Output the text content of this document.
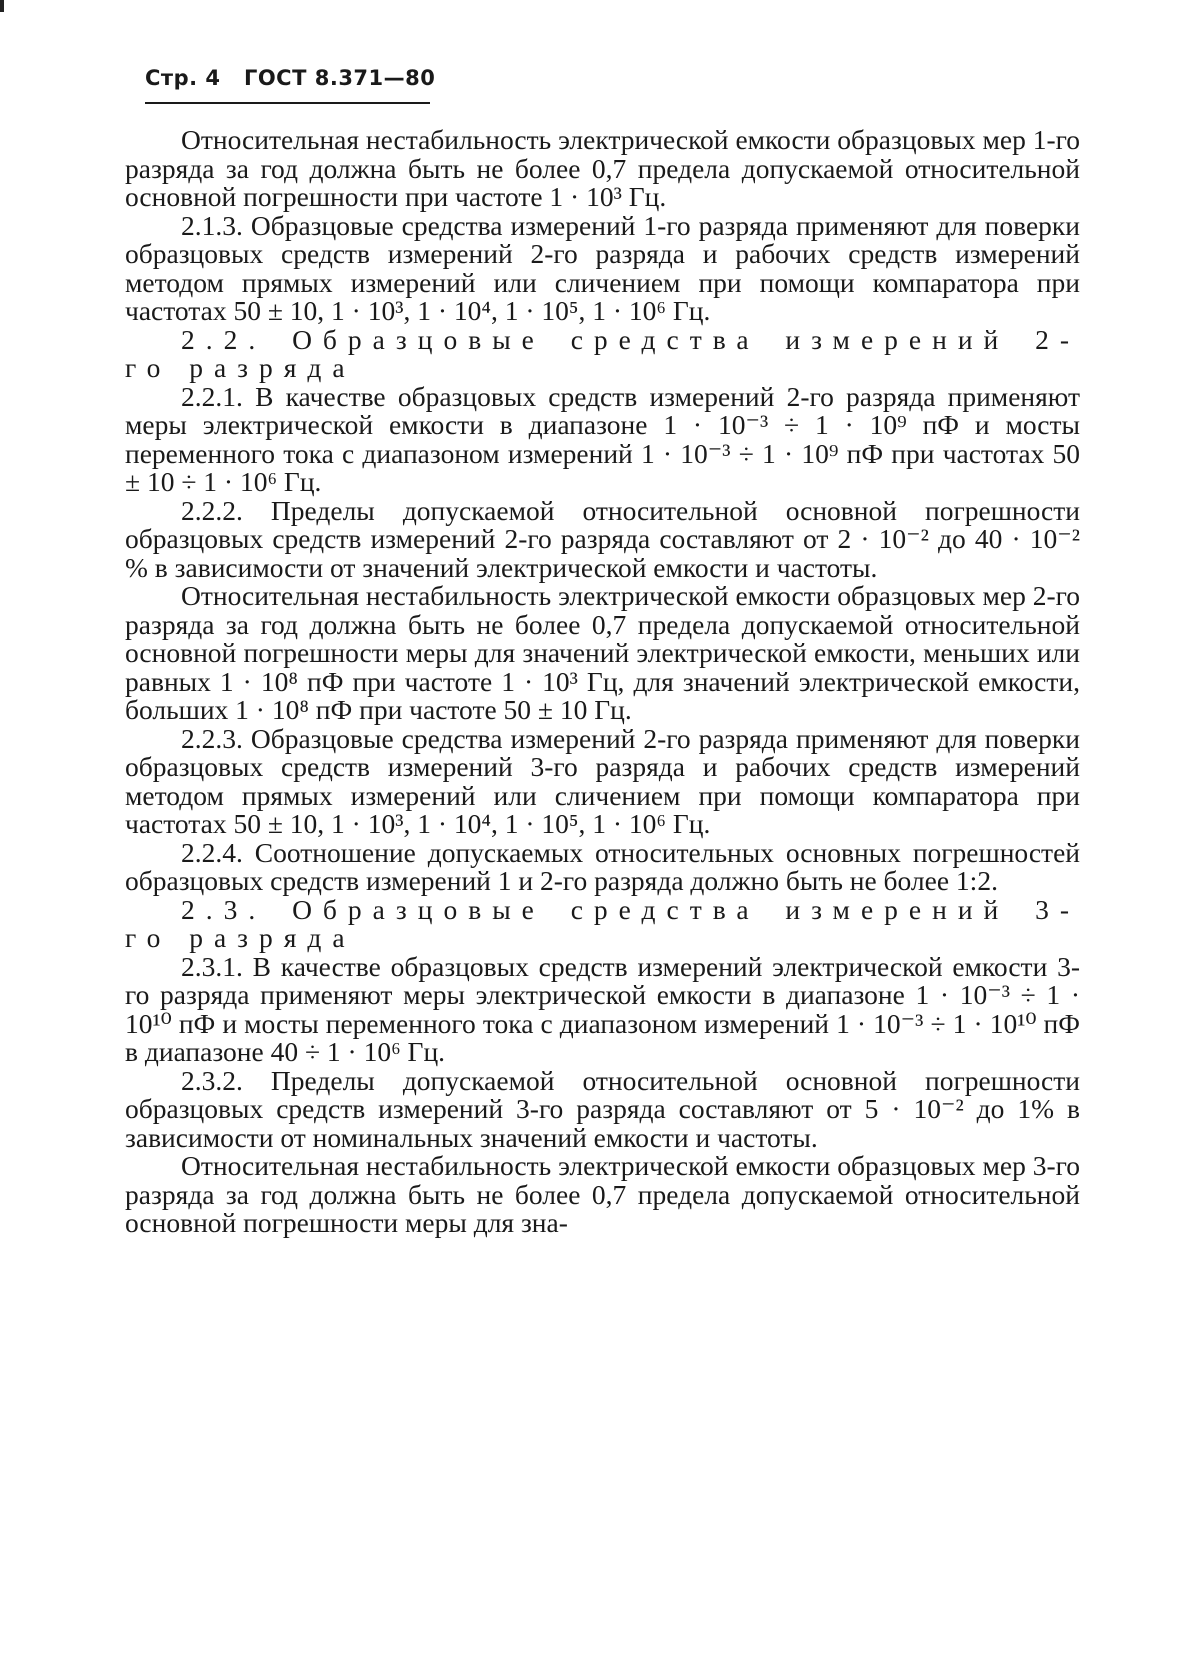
Стр. 4 ГОСТ 8.371—80

Относительная нестабильность электрической емкости образцовых мер 1-го разряда за год должна быть не более 0,7 предела допускаемой относительной основной погрешности при частоте 1 · 10³ Гц.

2.1.3. Образцовые средства измерений 1-го разряда применяют для поверки образцовых средств измерений 2-го разряда и рабочих средств измерений методом прямых измерений или сличением при помощи компаратора при частотах 50 ± 10, 1 · 10³, 1 · 10⁴, 1 · 10⁵, 1 · 10⁶ Гц.

2.2. Образцовые средства измерений 2-го разряда

2.2.1. В качестве образцовых средств измерений 2-го разряда применяют меры электрической емкости в диапазоне 1 · 10⁻³ ÷ 1 · 10⁹ пФ и мосты переменного тока с диапазоном измерений 1 · 10⁻³ ÷ 1 · 10⁹ пФ при частотах 50 ± 10 ÷ 1 · 10⁶ Гц.

2.2.2. Пределы допускаемой относительной основной погрешности образцовых средств измерений 2-го разряда составляют от 2 · 10⁻² до 40 · 10⁻² % в зависимости от значений электрической емкости и частоты.

Относительная нестабильность электрической емкости образцовых мер 2-го разряда за год должна быть не более 0,7 предела допускаемой относительной основной погрешности меры для значений электрической емкости, меньших или равных 1 · 10⁸ пФ при частоте 1 · 10³ Гц, для значений электрической емкости, больших 1 · 10⁸ пФ при частоте 50 ± 10 Гц.

2.2.3. Образцовые средства измерений 2-го разряда применяют для поверки образцовых средств измерений 3-го разряда и рабочих средств измерений методом прямых измерений или сличением при помощи компаратора при частотах 50 ± 10, 1 · 10³, 1 · 10⁴, 1 · 10⁵, 1 · 10⁶ Гц.

2.2.4. Соотношение допускаемых относительных основных погрешностей образцовых средств измерений 1 и 2-го разряда должно быть не более 1:2.

2.3. Образцовые средства измерений 3-го разряда

2.3.1. В качестве образцовых средств измерений электрической емкости 3-го разряда применяют меры электрической емкости в диапазоне 1 · 10⁻³ ÷ 1 · 10¹⁰ пФ и мосты переменного тока с диапазоном измерений 1 · 10⁻³ ÷ 1 · 10¹⁰ пФ в диапазоне 40 ÷ 1 · 10⁶ Гц.

2.3.2. Пределы допускаемой относительной основной погрешности образцовых средств измерений 3-го разряда составляют от 5 · 10⁻² до 1% в зависимости от номинальных значений емкости и частоты.

Относительная нестабильность электрической емкости образцовых мер 3-го разряда за год должна быть не более 0,7 предела допускаемой относительной основной погрешности меры для зна-
